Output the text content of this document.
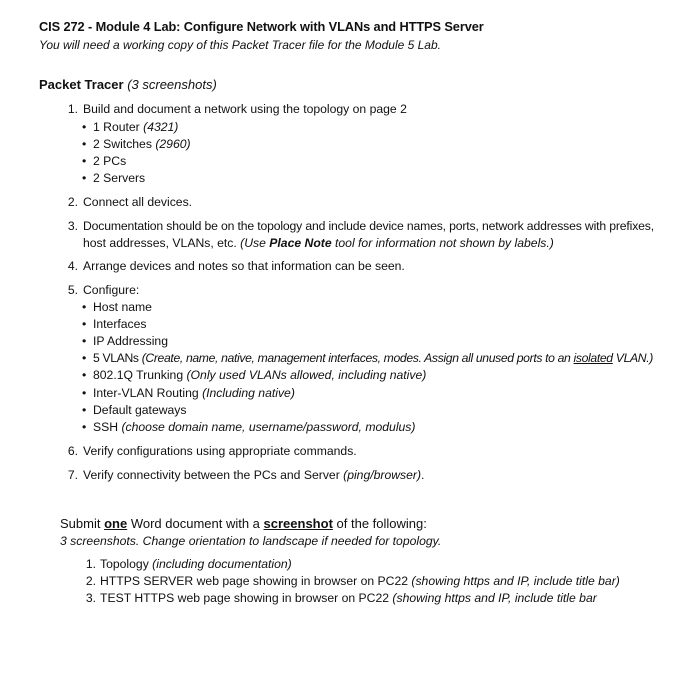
CIS 272 - Module 4 Lab: Configure Network with VLANs and HTTPS Server
You will need a working copy of this Packet Tracer file for the Module 5 Lab.
Packet Tracer (3 screenshots)
1. Build and document a network using the topology on page 2
• 1 Router (4321)
• 2 Switches (2960)
• 2 PCs
• 2 Servers
2. Connect all devices.
3. Documentation should be on the topology and include device names, ports, network addresses with prefixes,
host addresses, VLANs, etc. (Use Place Note tool for information not shown by labels.)
4. Arrange devices and notes so that information can be seen.
5. Configure:
• Host name
• Interfaces
• IP Addressing
• 5 VLANs (Create, name, native, management interfaces, modes. Assign all unused ports to an isolated VLAN.)
• 802.1Q Trunking (Only used VLANs allowed, including native)
• Inter-VLAN Routing (Including native)
• Default gateways
• SSH (choose domain name, username/password, modulus)
6. Verify configurations using appropriate commands.
7. Verify connectivity between the PCs and Server (ping/browser).
Submit one Word document with a screenshot of the following:
3 screenshots. Change orientation to landscape if needed for topology.
1. Topology (including documentation)
2. HTTPS SERVER web page showing in browser on PC22 (showing https and IP, include title bar)
3. TEST HTTPS web page showing in browser on PC22 (showing https and IP, include title bar
